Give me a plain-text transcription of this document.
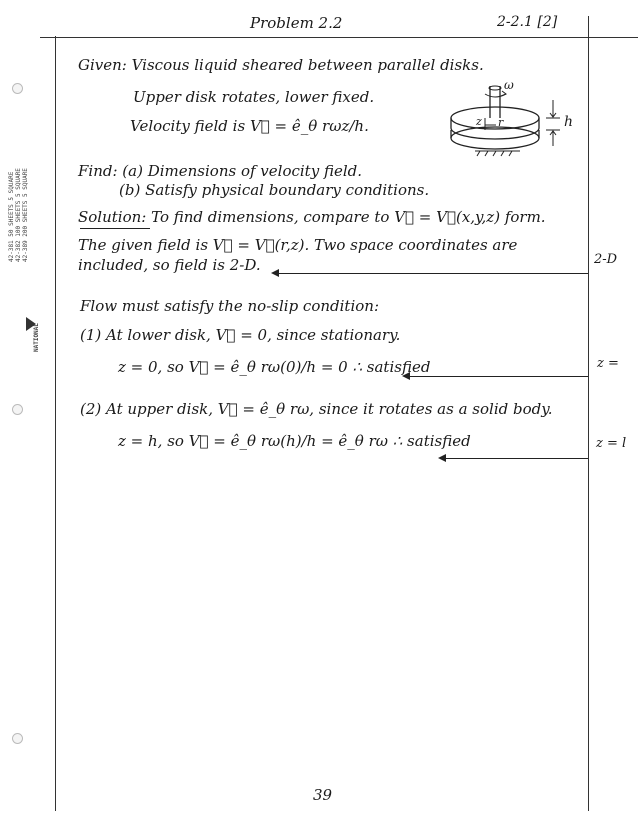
42-381 50 SHEETS 5 SQUARE 42-382 100 SHEETS 5 SQUARE 42-389 200 SHEETS 5 SQUARE
NATIONAL
Problem 2.2	2-2.1 [2]
Given: Viscous liquid sheared between parallel disks.
Upper disk rotates, lower fixed.
Velocity field is V⃗ = ê_θ rωz/h.
ω
z r	h
Find: (a) Dimensions of velocity field.
(b) Satisfy physical boundary conditions.
Solution: To find dimensions, compare to V⃗ = V⃗(x,y,z) form.
The given field is V⃗ = V⃗(r,z). Two space coordinates are
included, so field is 2-D.	2-D
Flow must satisfy the no-slip condition:
(1) At lower disk, V⃗ = 0, since stationary.
z = 0, so V⃗ = ê_θ rω(0)/h = 0 ∴ satisfied	z =
(2) At upper disk, V⃗ = ê_θ rω, since it rotates as a solid body.
z = h, so V⃗ = ê_θ rω(h)/h = ê_θ rω ∴ satisfied	z = l
39
